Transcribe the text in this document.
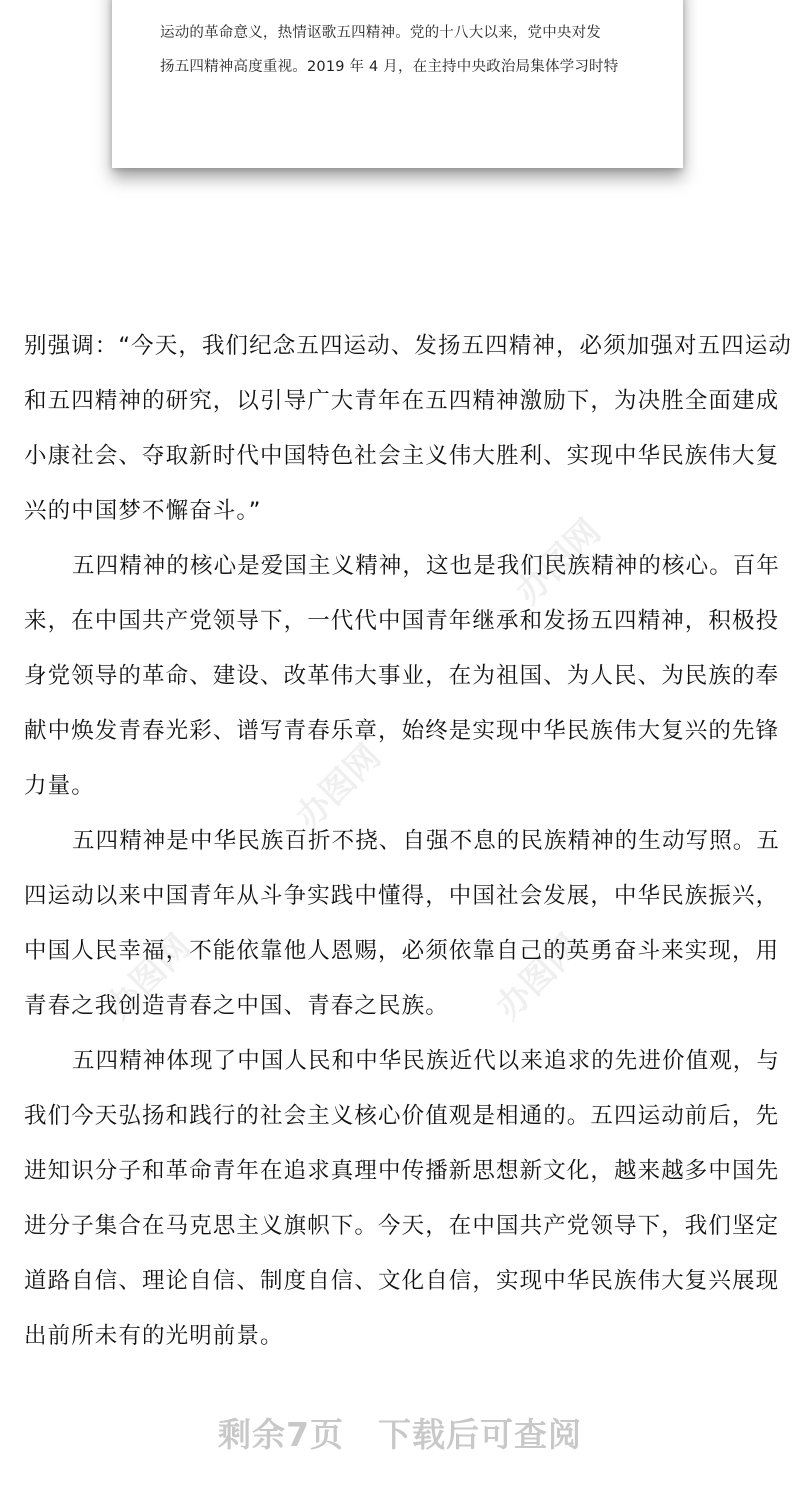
运动的革命意义，热情讴歌五四精神。党的十八大以来，党中央对发
扬五四精神高度重视。2019 年 4 月，在主持中央政治局集体学习时特
办图网
办图网
办图网
办图网

别强调：“今天，我们纪念五四运动、发扬五四精神，必须加强对五四运动和五四精神的研究，以引导广大青年在五四精神激励下，为决胜全面建成小康社会、夺取新时代中国特色社会主义伟大胜利、实现中华民族伟大复兴的中国梦不懈奋斗。”

五四精神的核心是爱国主义精神，这也是我们民族精神的核心。百年来，在中国共产党领导下，一代代中国青年继承和发扬五四精神，积极投身党领导的革命、建设、改革伟大事业，在为祖国、为人民、为民族的奉献中焕发青春光彩、谱写青春乐章，始终是实现中华民族伟大复兴的先锋力量。

五四精神是中华民族百折不挠、自强不息的民族精神的生动写照。五四运动以来中国青年从斗争实践中懂得，中国社会发展，中华民族振兴，中国人民幸福，不能依靠他人恩赐，必须依靠自己的英勇奋斗来实现，用青春之我创造青春之中国、青春之民族。

五四精神体现了中国人民和中华民族近代以来追求的先进价值观，与我们今天弘扬和践行的社会主义核心价值观是相通的。五四运动前后，先进知识分子和革命青年在追求真理中传播新思想新文化，越来越多中国先进分子集合在马克思主义旗帜下。今天，在中国共产党领导下，我们坚定道路自信、理论自信、制度自信、文化自信，实现中华民族伟大复兴展现出前所未有的光明前景。

剩余7页 下载后可查阅
